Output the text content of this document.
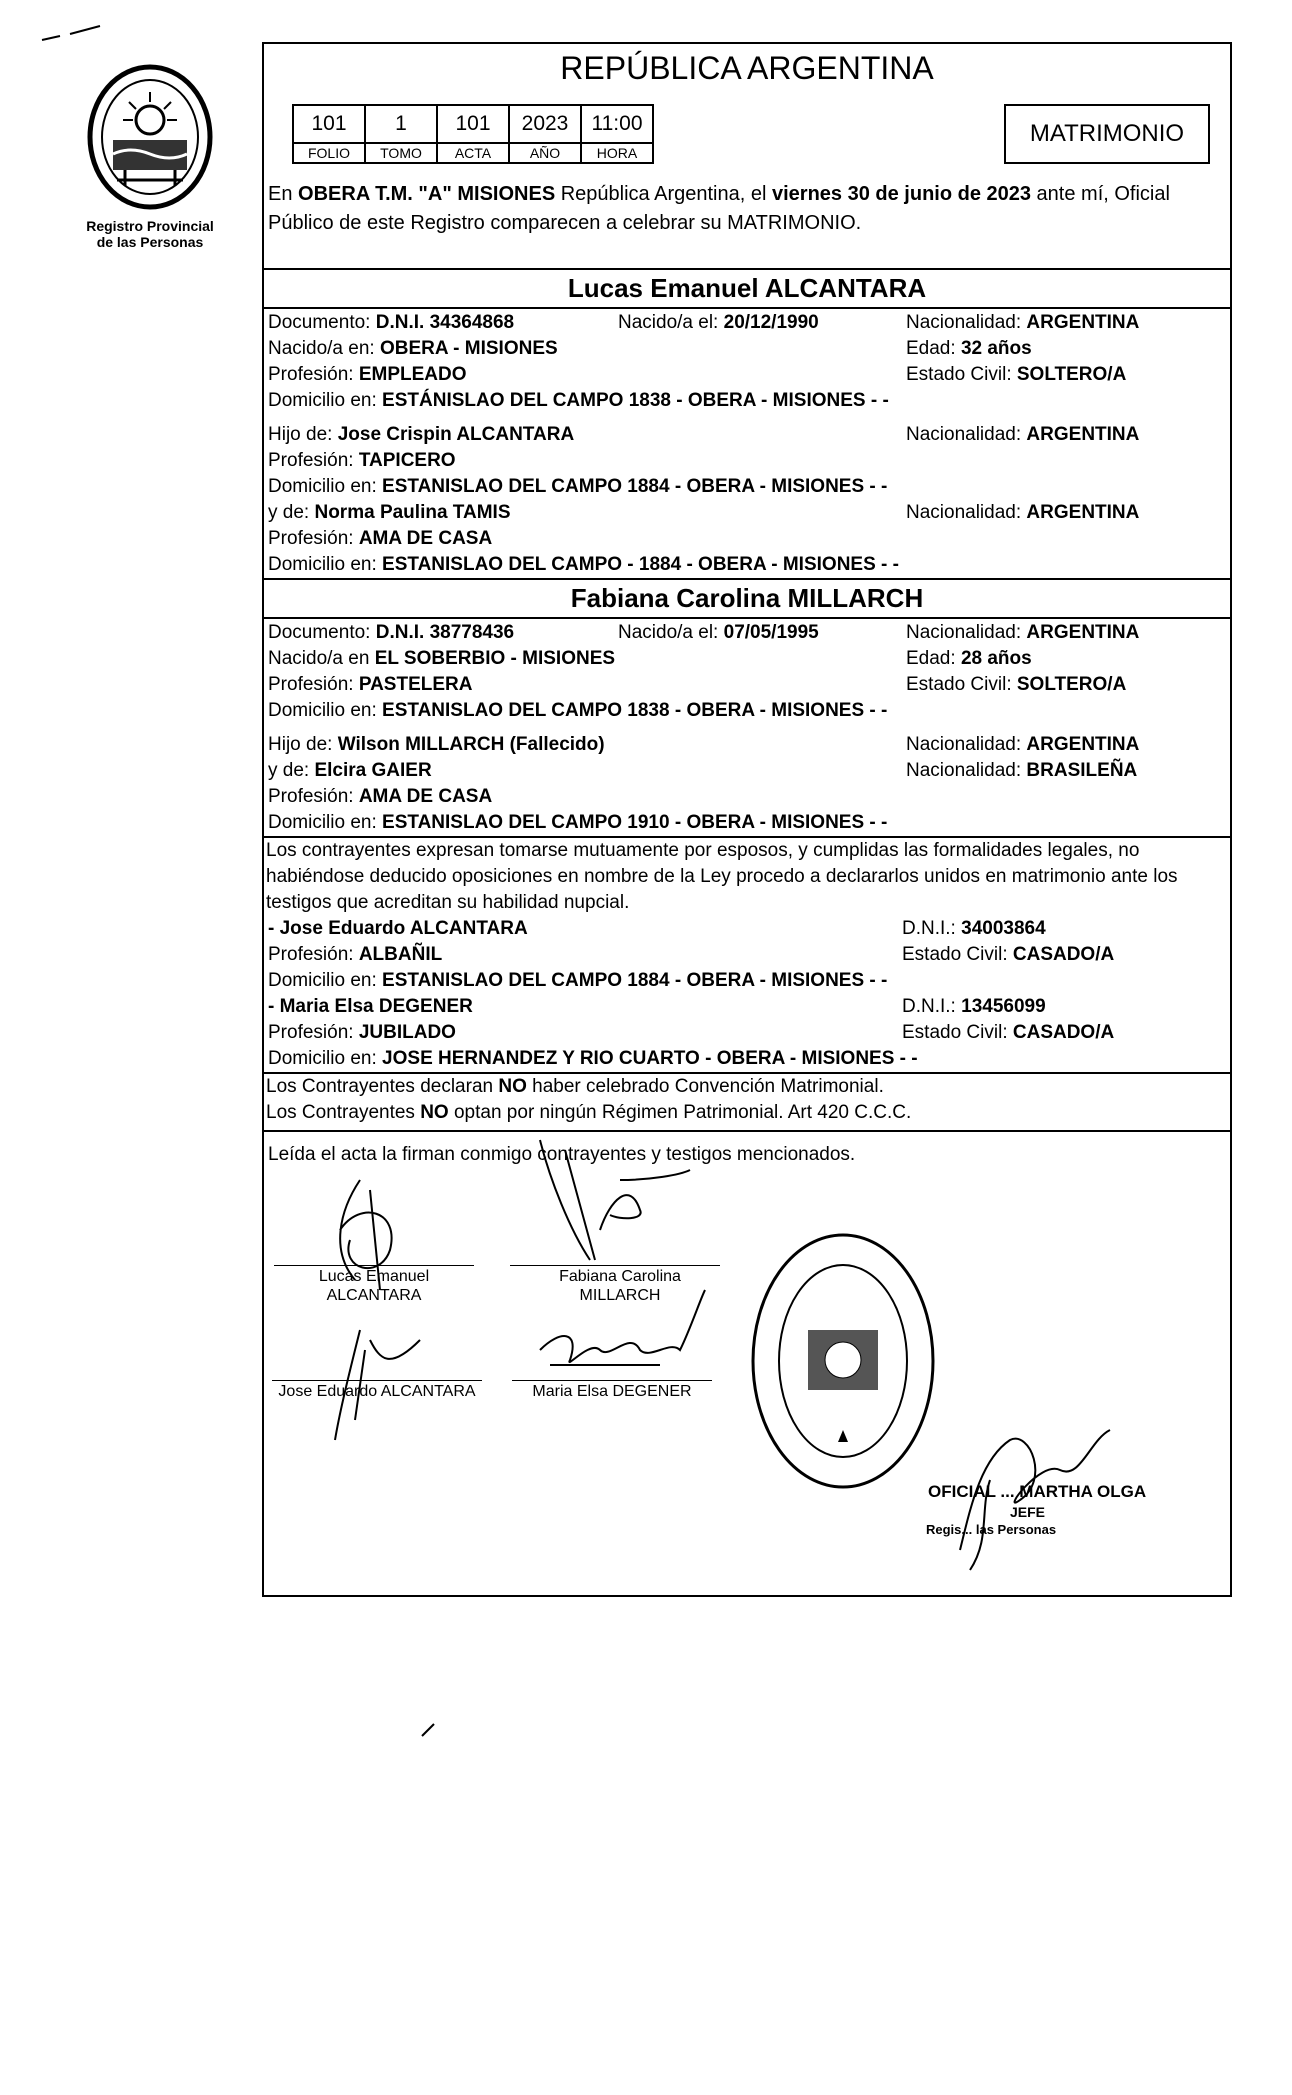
Registro Provincial
de las Personas
REPÚBLICA ARGENTINA
101	1	101	2023	11:00
FOLIO	TOMO	ACTA	AÑO	HORA
MATRIMONIO
En OBERA T.M. "A" MISIONES República Argentina, el viernes 30 de junio de 2023 ante mí, Oficial Público de este Registro comparecen a celebrar su MATRIMONIO.
Lucas Emanuel ALCANTARA
Documento: D.N.I. 34364868	Nacido/a el: 20/12/1990	Nacionalidad: ARGENTINA
Nacido/a en: OBERA - MISIONES	Edad: 32 años
Profesión: EMPLEADO	Estado Civil: SOLTERO/A
Domicilio en: ESTÁNISLAO DEL CAMPO 1838 - OBERA - MISIONES - -
Hijo de: Jose Crispin ALCANTARA	Nacionalidad: ARGENTINA
Profesión: TAPICERO
Domicilio en: ESTANISLAO DEL CAMPO 1884 - OBERA - MISIONES - -
y de: Norma Paulina TAMIS	Nacionalidad: ARGENTINA
Profesión: AMA DE CASA
Domicilio en: ESTANISLAO DEL CAMPO - 1884 - OBERA - MISIONES - -
Fabiana Carolina MILLARCH
Documento: D.N.I. 38778436	Nacido/a el: 07/05/1995	Nacionalidad: ARGENTINA
Nacido/a en EL SOBERBIO - MISIONES	Edad: 28 años
Profesión: PASTELERA	Estado Civil: SOLTERO/A
Domicilio en: ESTANISLAO DEL CAMPO 1838 - OBERA - MISIONES - -
Hijo de: Wilson MILLARCH (Fallecido)	Nacionalidad: ARGENTINA
y de: Elcira GAIER	Nacionalidad: BRASILEÑA
Profesión: AMA DE CASA
Domicilio en: ESTANISLAO DEL CAMPO 1910 - OBERA - MISIONES - -
Los contrayentes expresan tomarse mutuamente por esposos, y cumplidas las formalidades legales, no habiéndose deducido oposiciones en nombre de la Ley procedo a declararlos unidos en matrimonio ante los testigos que acreditan su habilidad nupcial.
- Jose Eduardo ALCANTARA	D.N.I.: 34003864
Profesión: ALBAÑIL	Estado Civil: CASADO/A
Domicilio en: ESTANISLAO DEL CAMPO 1884 - OBERA - MISIONES - -
- Maria Elsa DEGENER	D.N.I.: 13456099
Profesión: JUBILADO	Estado Civil: CASADO/A
Domicilio en: JOSE HERNANDEZ Y RIO CUARTO - OBERA - MISIONES - -
Los Contrayentes declaran NO haber celebrado Convención Matrimonial.
Los Contrayentes NO optan por ningún Régimen Patrimonial. Art 420 C.C.C.
Leída el acta la firman conmigo contrayentes y testigos mencionados.
Lucas Emanuel
ALCANTARA
Fabiana Carolina
MILLARCH
Jose Eduardo ALCANTARA	Maria Elsa DEGENER
OFICIAL ... MARTHA OLGA
JEFE
Regis... las Personas
